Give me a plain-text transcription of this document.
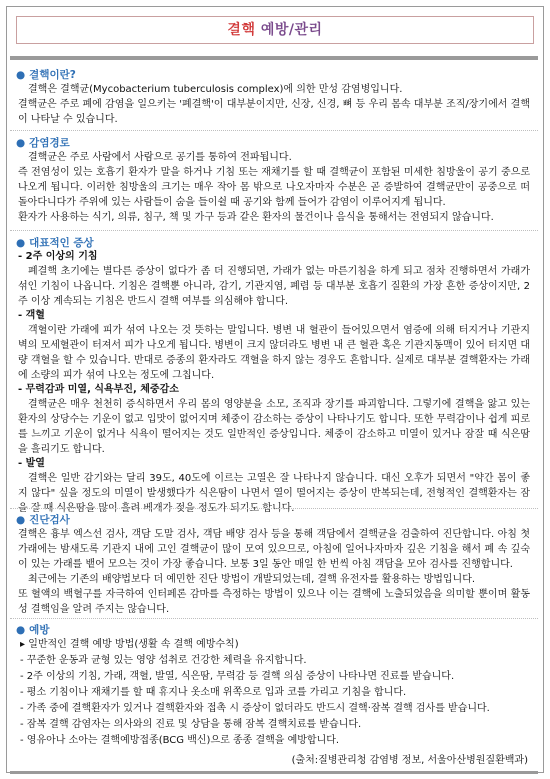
결핵 예방/관리
● 결핵이란?

결핵은 결핵균(Mycobacterium tuberculosis complex)에 의한 만성 감염병입니다.

결핵균은 주로 폐에 감염을 일으키는 '폐결핵'이 대부분이지만, 신장, 신경, 뼈 등 우리 몸속 대부분 조직/장기에서 결핵이 나타날 수 있습니다.

● 감염경로

결핵균은 주로 사람에서 사람으로 공기를 통하여 전파됩니다.

즉 전염성이 있는 호흡기 환자가 말을 하거나 기침 또는 재채기를 할 때 결핵균이 포함된 미세한 침방울이 공기 중으로 나오게 됩니다. 이러한 침방울의 크기는 매우 작아 몸 밖으로 나오자마자 수분은 곧 증발하여 결핵균만이 공중으로 떠돌아다니다가 주위에 있는 사람들이 숨을 들이쉴 때 공기와 함께 들어가 감염이 이루어지게 됩니다.

환자가 사용하는 식기, 의류, 침구, 책 및 가구 등과 같은 환자의 물건이나 음식을 통해서는 전염되지 않습니다.

● 대표적인 증상
- 2주 이상의 기침

폐결핵 초기에는 별다른 증상이 없다가 좀 더 진행되면, 가래가 없는 마른기침을 하게 되고 점차 진행하면서 가래가 섞인 기침이 나옵니다. 기침은 결핵뿐 아니라, 감기, 기관지염, 폐렴 등 대부분 호흡기 질환의 가장 흔한 증상이지만, 2주 이상 계속되는 기침은 반드시 결핵 여부를 의심해야 합니다.

- 객혈

객혈이란 가래에 피가 섞여 나오는 것 뜻하는 말입니다. 병변 내 혈관이 들어있으면서 염증에 의해 터지거나 기관지 벽의 모세혈관이 터져서 피가 나오게 됩니다. 병변이 크지 않더라도 병변 내 큰 혈관 혹은 기관지동맥이 있어 터지면 대량 객혈을 할 수 있습니다. 반대로 증종의 환자라도 객혈을 하지 않는 경우도 흔합니다. 실제로 대부분 결핵환자는 가래에 소량의 피가 섞여 나오는 정도에 그칩니다.

- 무력감과 미열, 식욕부진, 체중감소

결핵균은 매우 천천히 증식하면서 우리 몸의 영양분을 소모, 조직과 장기를 파괴합니다. 그렇기에 결핵을 앓고 있는 환자의 상당수는 기운이 없고 입맛이 없어지며 체중이 감소하는 증상이 나타나기도 합니다. 또한 무력감이나 쉽게 피로를 느끼고 기운이 없거나 식욕이 떨어지는 것도 일반적인 증상입니다. 체중이 감소하고 미열이 있거나 잠잘 때 식은땀을 흘리기도 합니다.

- 발열

결핵은 일반 감기와는 달리 39도, 40도에 이르는 고열은 잘 나타나지 않습니다. 대신 오후가 되면서 "약간 몸이 좋지 않다" 싶을 정도의 미열이 발생했다가 식은땀이 나면서 열이 떨어지는 증상이 반복되는데, 전형적인 결핵환자는 잠을 잘 때 식은땀을 많이 흘려 베개가 젖을 정도가 되기도 합니다.

● 진단검사

결핵은 흉부 엑스선 검사, 객담 도말 검사, 객담 배양 검사 등을 통해 객담에서 결핵균을 검출하여 진단합니다. 아침 첫 가래에는 밤새도록 기관지 내에 고인 결핵균이 많이 모여 있으므로, 아침에 일어나자마자 깊은 기침을 해서 폐 속 깊숙이 있는 가래를 뱉어 모으는 것이 가장 좋습니다. 보통 3일 동안 매일 한 번씩 아침 객담을 모아 검사를 진행합니다.

최근에는 기존의 배양법보다 더 예민한 진단 방법이 개발되었는데, 결핵 유전자를 활용하는 방법입니다.

또 혈액의 백혈구를 자극하여 인터페론 감마를 측정하는 방법이 있으나 이는 결핵에 노출되었음을 의미할 뿐이며 활동성 결핵임을 알려 주지는 않습니다.

● 예방
▸ 일반적인 결핵 예방 방법(생활 속 결핵 예방수칙)
- 꾸준한 운동과 균형 있는 영양 섭취로 건강한 체력을 유지합니다.
- 2주 이상의 기침, 가래, 객혈, 발열, 식은땀, 무력감 등 결핵 의심 증상이 나타나면 진료를 받습니다.
- 평소 기침이나 재채기를 할 때 휴지나 옷소매 위쪽으로 입과 코를 가리고 기침을 합니다.
- 가족 중에 결핵환자가 있거나 결핵환자와 접촉 시 증상이 없더라도 반드시 결핵·잠복 결핵 검사를 받습니다.
- 잠복 결핵 감염자는 의사와의 진료 및 상담을 통해 잠복 결핵치료를 받습니다.
- 영유아나 소아는 결핵예방접종(BCG 백신)으로 종종 결핵을 예방합니다.
(출처:질병관리청 감염병 정보, 서울아산병원질환백과)
